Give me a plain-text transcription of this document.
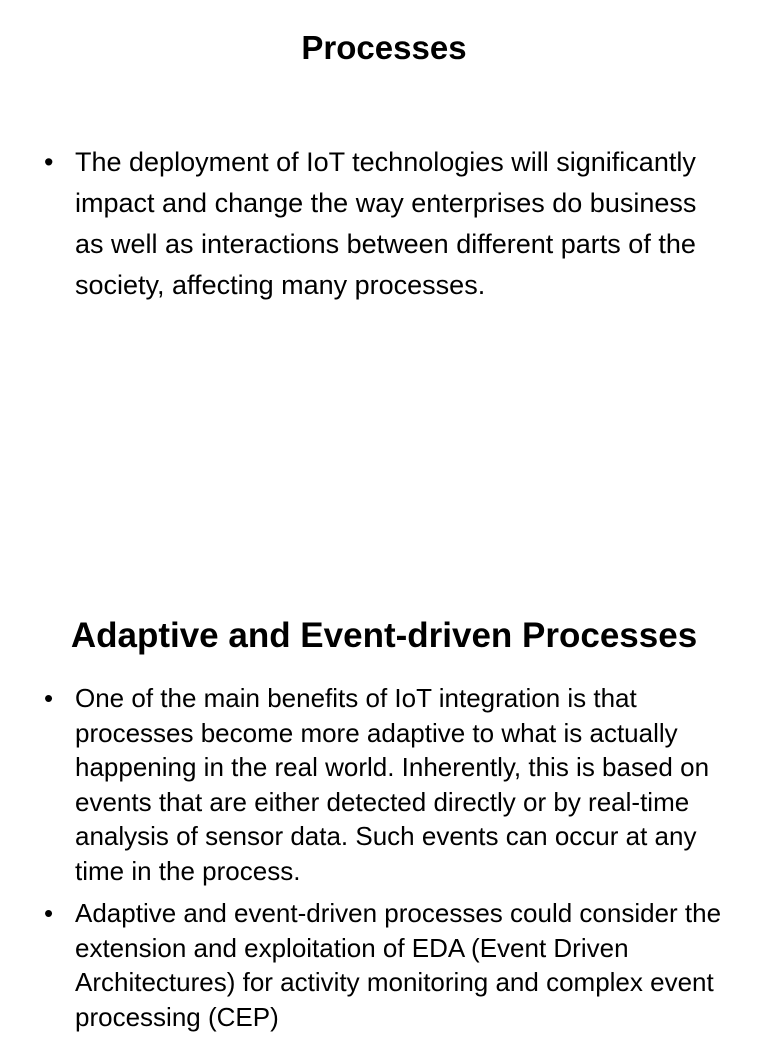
Processes
• The deployment of IoT technologies will significantly impact and change the way enterprises do business as well as interactions between different parts of the society, affecting many processes.
Adaptive and Event-driven Processes
• One of the main benefits of IoT integration is that processes become more adaptive to what is actually happening in the real world. Inherently, this is based on events that are either detected directly or by real-time analysis of sensor data. Such events can occur at any time in the process.
• Adaptive and event-driven processes could consider the extension and exploitation of EDA (Event Driven Architectures) for activity monitoring and complex event processing (CEP)
